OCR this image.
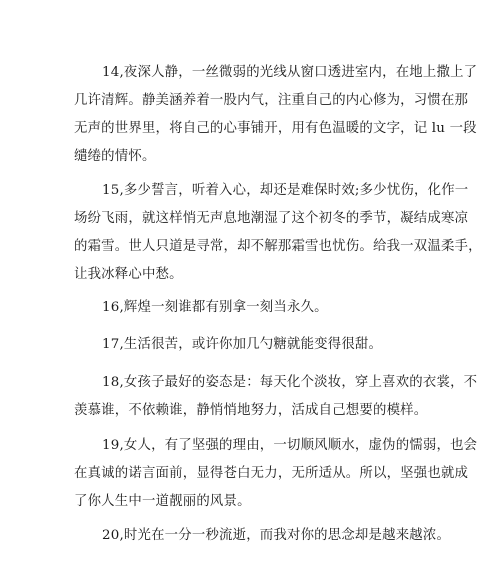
14,夜深人静，一丝微弱的光线从窗口透进室内，在地上撒上了
几许清辉。静美涵养着一股内气，注重自己的内心修为，习惯在那
无声的世界里，将自己的心事铺开，用有色温暖的文字，记 lu 一段
缱绻的情怀。

15,多少誓言，听着入心，却还是难保时效;多少忧伤，化作一
场纷飞雨，就这样悄无声息地潮湿了这个初冬的季节，凝结成寒凉
的霜雪。世人只道是寻常，却不解那霜雪也忧伤。给我一双温柔手，
让我冰释心中愁。

16,辉煌一刻谁都有别拿一刻当永久。

17,生活很苦，或许你加几勺糖就能变得很甜。

18,女孩子最好的姿态是：每天化个淡妆，穿上喜欢的衣裳，不
羡慕谁，不依赖谁，静悄悄地努力，活成自己想要的模样。

19,女人，有了坚强的理由，一切顺风顺水，虚伪的懦弱，也会
在真诚的诺言面前，显得苍白无力，无所适从。所以，坚强也就成
了你人生中一道靓丽的风景。

20,时光在一分一秒流逝，而我对你的思念却是越来越浓。
